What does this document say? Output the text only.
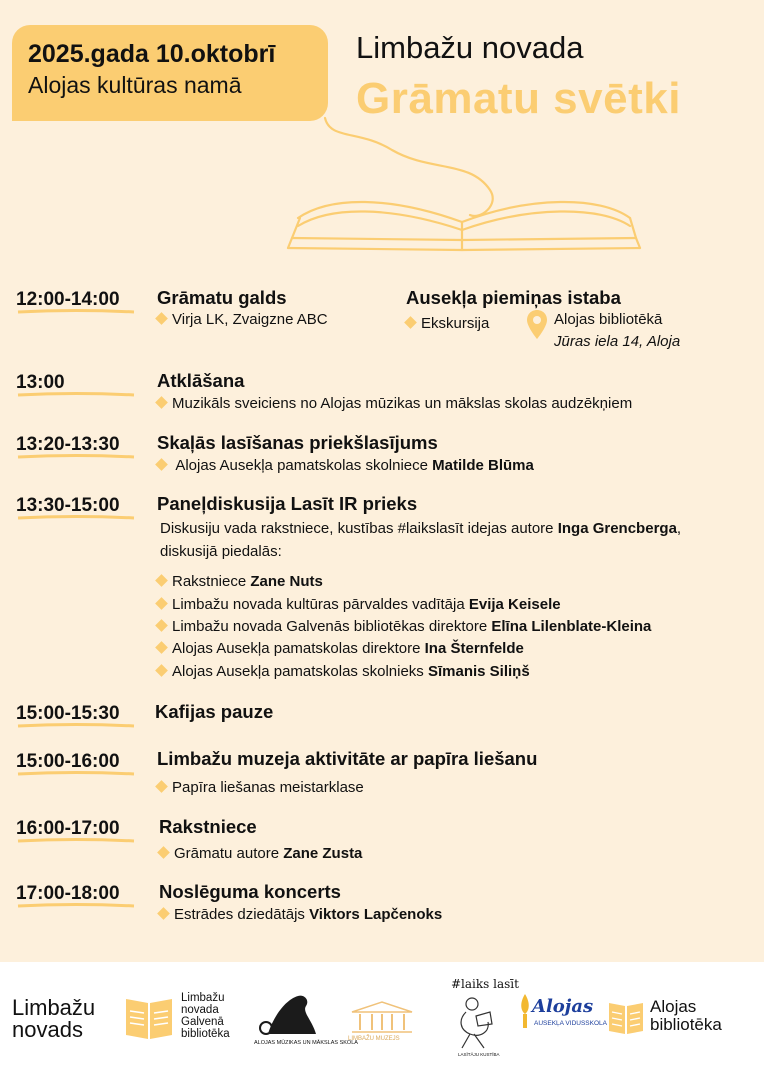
2025.gada 10.oktobrī
Alojas kultūras namā
Limbažu novada
Grāmatu svētki
12:00-14:00 Grāmatu galds
Virja LK, Zvaigzne ABC
Ausekļa piemiņas istaba
Ekskursija	Alojas bibliotēkā
Jūras iela 14, Aloja
13:00	Atklāšana
Muzikāls sveiciens no Alojas mūzikas un mākslas skolas audzēkņiem
13:20-13:30 Skaļās lasīšanas priekšlasījums
Alojas Ausekļa pamatskolas skolniece Matilde Blūma
13:30-15:00 Paneļdiskusija Lasīt IR prieks
Diskusiju vada rakstniece, kustības #laikslasīt idejas autore Inga Grencberga,
diskusijā piedalās:
Rakstniece Zane Nuts
Limbažu novada kultūras pārvaldes vadītāja Evija Keisele
Limbažu novada Galvenās bibliotēkas direktore Elīna Lilenblate-Kleina
Alojas Ausekļa pamatskolas direktore Ina Šternfelde
Alojas Ausekļa pamatskolas skolnieks Sīmanis Siliņš
15:00-15:30 Kafijas pauze
15:00-16:00 Limbažu muzeja aktivitāte ar papīra liešanu
Papīra liešanas meistarklase
16:00-17:00 Rakstniece
Grāmatu autore Zane Zusta
17:00-18:00 Noslēguma koncerts
Estrādes dziedātājs Viktors Lapčenoks
Limbažu
novads
Limbažu
novada
Galvenā
bibliotēka
ALOJAS MŪZIKAS UN MĀKSLAS SKOLA
LIMBAŽU MUZEJS
#laiks lasīt
LASĪTĀJU KUSTĪBA
Alojas
AUSEKĻA VIDUSSKOLA
Alojas
bibliotēka
